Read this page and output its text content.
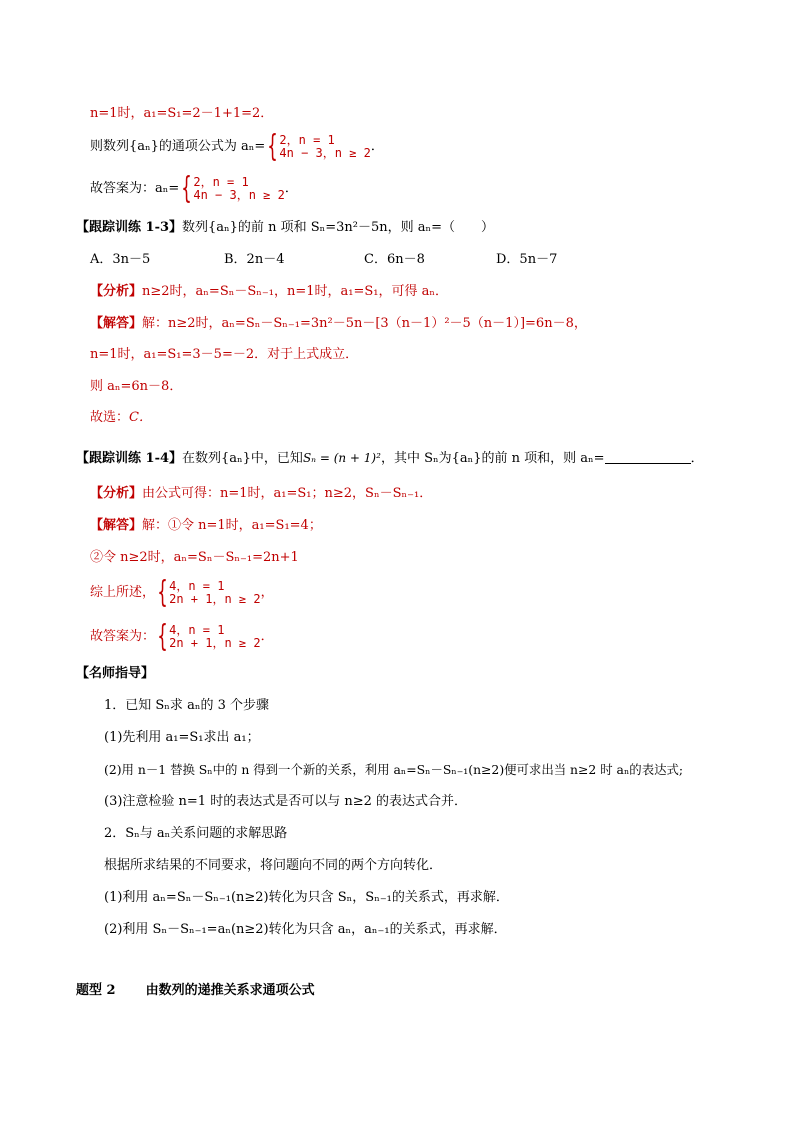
n=1时，a₁=S₁=2－1+1=2．
则数列{aₙ}的通项公式为 aₙ={ 2，n = 1
4n − 3，n ≥ 2 ．
故答案为：aₙ={ 2，n = 1
4n − 3，n ≥ 2 ．
【跟踪训练 1-3】数列{aₙ}的前 n 项和 Sₙ=3n²－5n，则 aₙ=（　　）
A．3n－5	B．2n－4	C．6n－8	D．5n－7
【分析】n≥2时，aₙ=Sₙ－Sₙ₋₁，n=1时，a₁=S₁，可得 aₙ．
【解答】解：n≥2时，aₙ=Sₙ－Sₙ₋₁=3n²－5n－[3（n－1）²－5（n－1）]=6n－8，
n=1时，a₁=S₁=3－5=－2．对于上式成立．
则 aₙ=6n－8．
故选：C．
【跟踪训练 1-4】在数列{aₙ}中，已知Sₙ = (n + 1)²，其中 Sₙ为{aₙ}的前 n 项和，则 aₙ=	．
【分析】由公式可得：n=1时，a₁=S₁；n≥2，Sₙ－Sₙ₋₁．
【解答】解：①令 n=1时，a₁=S₁=4；
②令 n≥2时，aₙ=Sₙ－Sₙ₋₁=2n+1
综上所述，{ 4，n = 1
2n + 1，n ≥ 2 ，
故答案为：{ 4，n = 1
2n + 1，n ≥ 2 ．
【名师指导】
1．已知 Sₙ求 aₙ的 3 个步骤
(1)先利用 a₁=S₁求出 a₁；
(2)用 n－1 替换 Sₙ中的 n 得到一个新的关系，利用 aₙ=Sₙ－Sₙ₋₁(n≥2)便可求出当 n≥2 时 aₙ的表达式;
(3)注意检验 n=1 时的表达式是否可以与 n≥2 的表达式合并．
2．Sₙ与 aₙ关系问题的求解思路
根据所求结果的不同要求，将问题向不同的两个方向转化．
(1)利用 aₙ=Sₙ－Sₙ₋₁(n≥2)转化为只含 Sₙ，Sₙ₋₁的关系式，再求解．
(2)利用 Sₙ－Sₙ₋₁=aₙ(n≥2)转化为只含 aₙ，aₙ₋₁的关系式，再求解．
题型 2 由数列的递推关系求通项公式
